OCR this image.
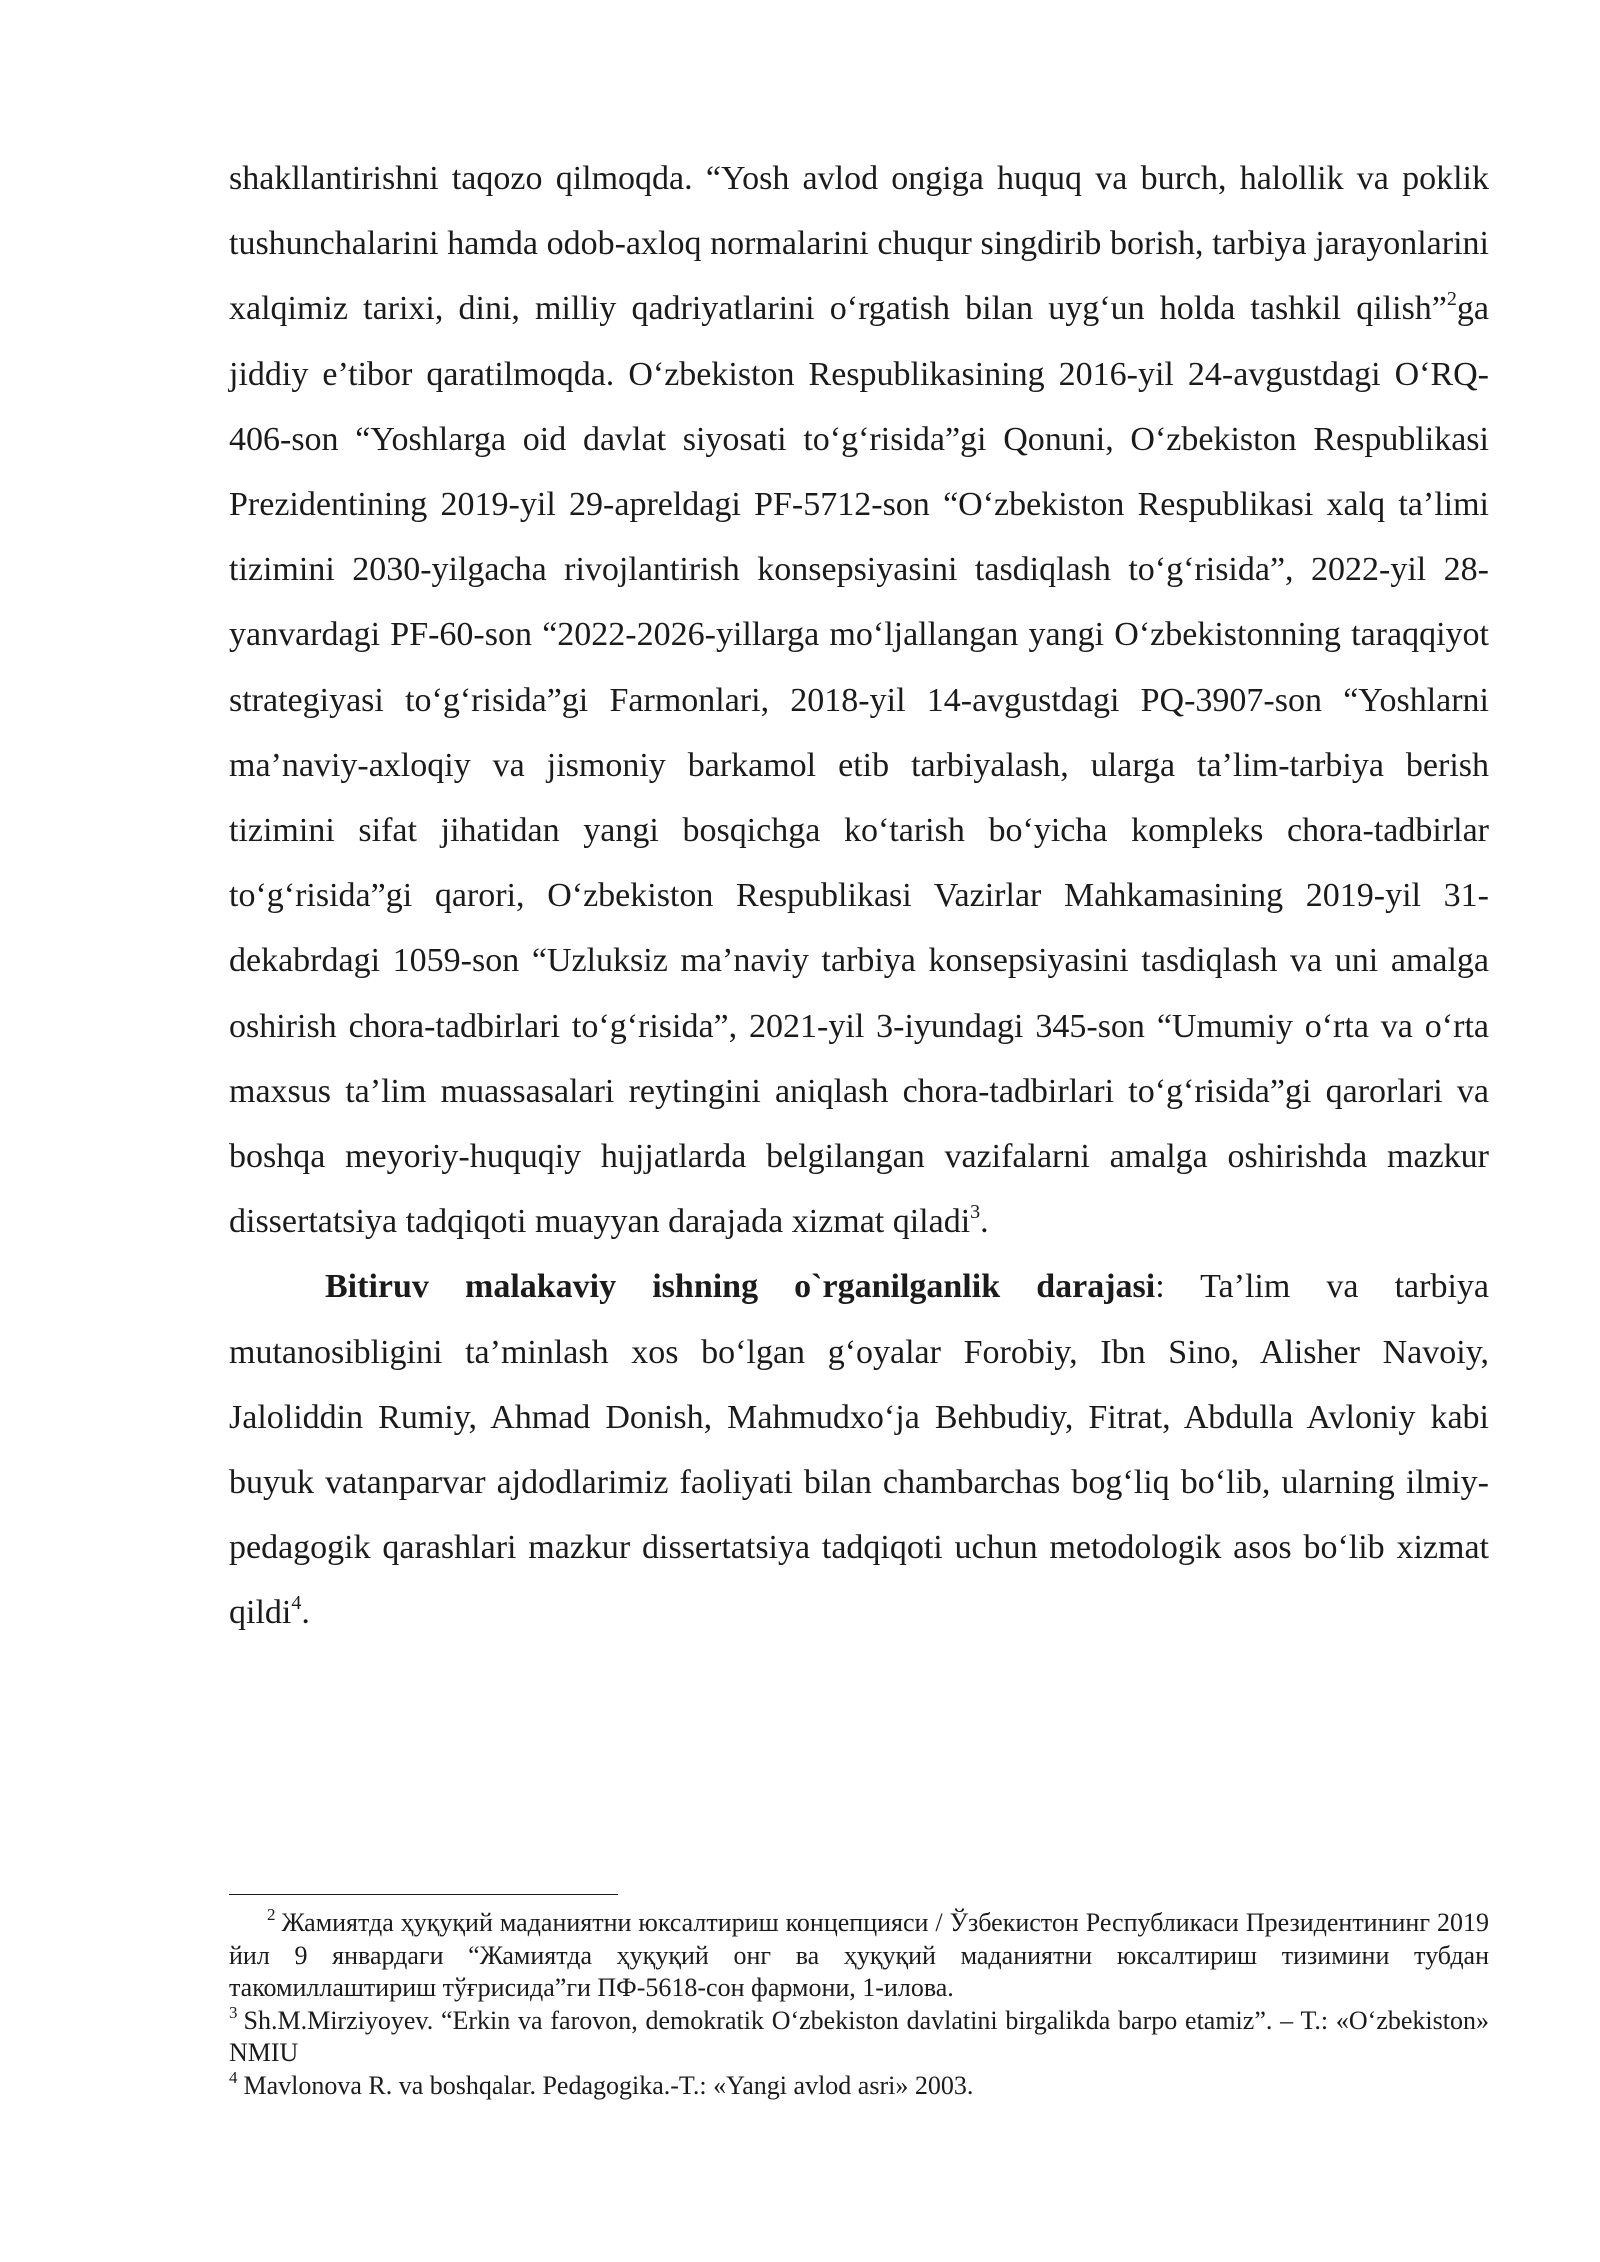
shakllantirishni taqozo qilmoqda. “Yosh avlod ongiga huquq va burch, halollik va poklik tushunchalarini hamda odob-axloq normalarini chuqur singdirib borish, tarbiya jarayonlarini xalqimiz tarixi, dini, milliy qadriyatlarini o‘rgatish bilan uyg‘un holda tashkil qilish”$^2$ga jiddiy e’tibor qaratilmoqda. O‘zbekiston Respublikasining 2016-yil 24-avgustdagi O‘RQ-406-son “Yoshlarga oid davlat siyosati to‘g‘risida”gi Qonuni, O‘zbekiston Respublikasi Prezidentining 2019-yil 29-apreldagi PF-5712-son “O‘zbekiston Respublikasi xalq ta’limi tizimini 2030-yilgacha rivojlantirish konsepsiyasini tasdiqlash to‘g‘risida”, 2022-yil 28-yanvardagi PF-60-son “2022-2026-yillarga mo‘ljallangan yangi O‘zbekistonning taraqqiyot strategiyasi to‘g‘risida”gi Farmonlari, 2018-yil 14-avgustdagi PQ-3907-son “Yoshlarni ma’naviy-axloqiy va jismoniy barkamol etib tarbiyalash, ularga ta’lim-tarbiya berish tizimini sifat jihatidan yangi bosqichga ko‘tarish bo‘yicha kompleks chora-tadbirlar to‘g‘risida”gi qarori, O‘zbekiston Respublikasi Vazirlar Mahkamasining 2019-yil 31-dekabrdagi 1059-son “Uzluksiz ma’naviy tarbiya konsepsiyasini tasdiqlash va uni amalga oshirish chora-tadbirlari to‘g‘risida”, 2021-yil 3-iyundagi 345-son “Umumiy o‘rta va o‘rta maxsus ta’lim muassasalari reytingini aniqlash chora-tadbirlari to‘g‘risida”gi qarorlari va boshqa meyoriy-huquqiy hujjatlarda belgilangan vazifalarni amalga oshirishda mazkur dissertatsiya tadqiqoti muayyan darajada xizmat qiladi$^3$.

Bitiruv malakaviy ishning o`rganilganlik darajasi: Ta’lim va tarbiya mutanosibligini ta’minlash xos bo‘lgan g‘oyalar Forobiy, Ibn Sino, Alisher Navoiy, Jaloliddin Rumiy, Ahmad Donish, Mahmudxo‘ja Behbudiy, Fitrat, Abdulla Avloniy kabi buyuk vatanparvar ajdodlarimiz faoliyati bilan chambarchas bog‘liq bo‘lib, ularning ilmiy-pedagogik qarashlari mazkur dissertatsiya tadqiqoti uchun metodologik asos bo‘lib xizmat qildi$^4$.

$^2$ Жамиятда ҳуқуқий маданиятни юксалтириш концепцияси / Ўзбекистон Республикаси Президентининг 2019 йил 9 январдаги “Жамиятда ҳуқуқий онг ва ҳуқуқий маданиятни юксалтириш тизимини тубдан такомиллаштириш тўғрисида”ги ПФ-5618-сон фармони, 1-илова.

$^3$ Sh.M.Mirziyoyev. “Erkin va farovon, demokratik O‘zbekiston davlatini birgalikda barpo etamiz”. – T.: «O‘zbekiston» NMIU

$^4$ Mavlonova R. va boshqalar. Pedagogika.-T.: «Yangi avlod asri» 2003.
